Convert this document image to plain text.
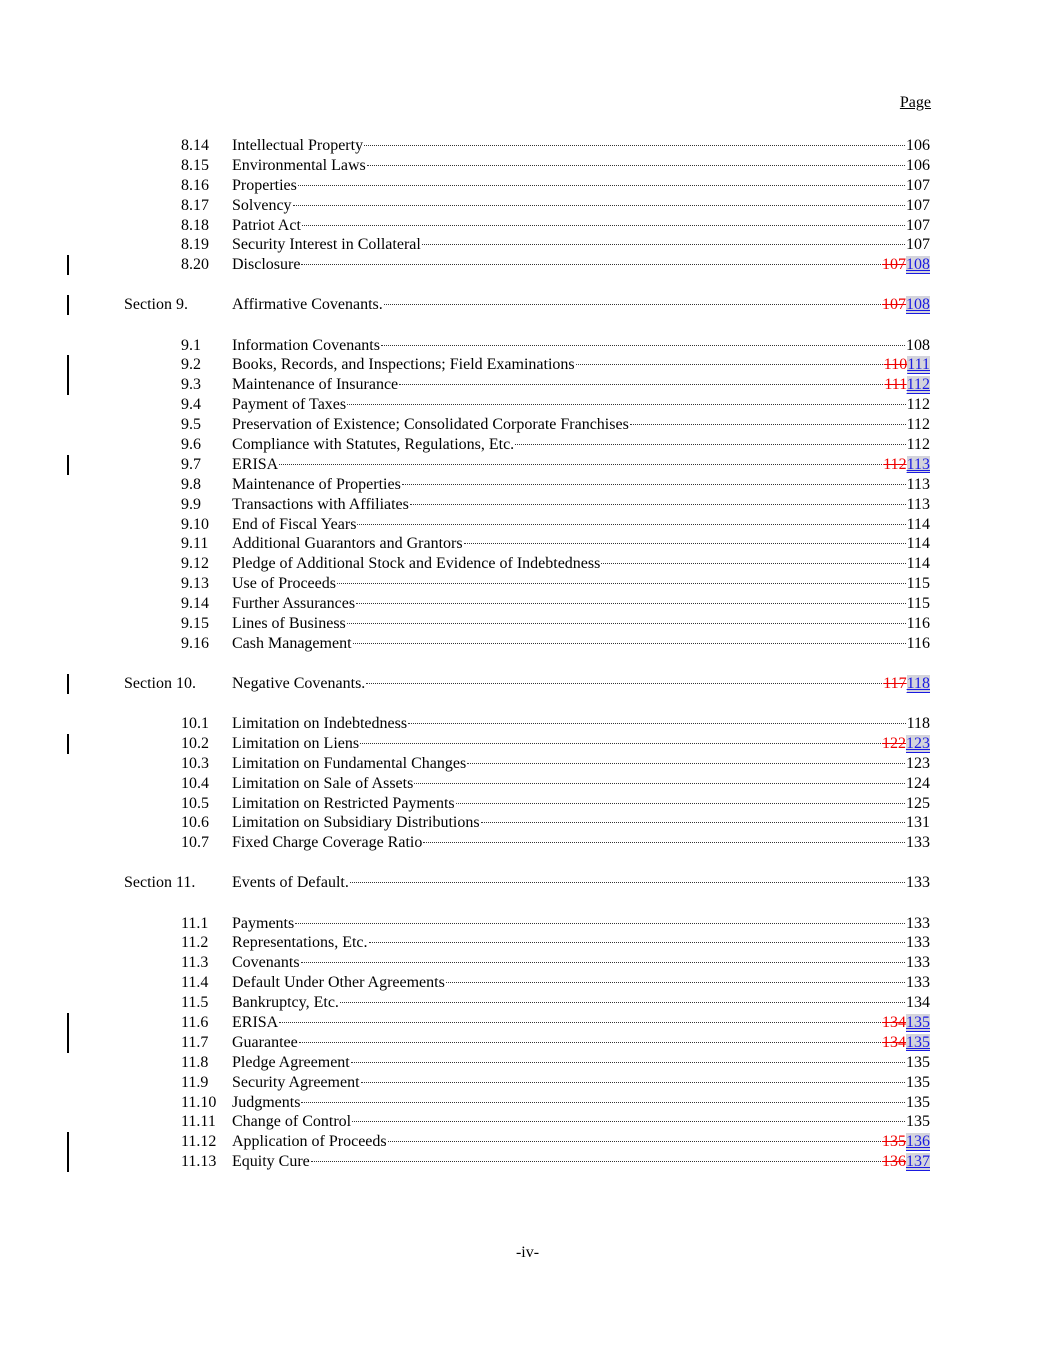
Page
8.14 Intellectual Property	106
8.15 Environmental Laws	106
8.16 Properties	107
8.17 Solvency	107
8.18 Patriot Act	107
8.19 Security Interest in Collateral	107
8.20 Disclosure	107108
Section 9.	Affirmative Covenants.	107108
9.1 Information Covenants	108
9.2 Books, Records, and Inspections; Field Examinations	110111
9.3 Maintenance of Insurance	111112
9.4 Payment of Taxes	112
9.5 Preservation of Existence; Consolidated Corporate Franchises	112
9.6 Compliance with Statutes, Regulations, Etc.	112
9.7 ERISA	112113
9.8 Maintenance of Properties	113
9.9 Transactions with Affiliates	113
9.10 End of Fiscal Years	114
9.11 Additional Guarantors and Grantors	114
9.12 Pledge of Additional Stock and Evidence of Indebtedness	114
9.13 Use of Proceeds	115
9.14 Further Assurances	115
9.15 Lines of Business	116
9.16 Cash Management	116
Section 10. Negative Covenants.	117118
10.1 Limitation on Indebtedness	118
10.2 Limitation on Liens	122123
10.3 Limitation on Fundamental Changes	123
10.4 Limitation on Sale of Assets	124
10.5 Limitation on Restricted Payments	125
10.6 Limitation on Subsidiary Distributions	131
10.7 Fixed Charge Coverage Ratio	133
Section 11. Events of Default.	133
11.1 Payments	133
11.2 Representations, Etc.	133
11.3 Covenants	133
11.4 Default Under Other Agreements	133
11.5 Bankruptcy, Etc.	134
11.6 ERISA	134135
11.7 Guarantee	134135
11.8 Pledge Agreement	135
11.9 Security Agreement	135
11.10 Judgments	135
11.11 Change of Control	135
11.12 Application of Proceeds	135136
11.13 Equity Cure	136137
-iv-
